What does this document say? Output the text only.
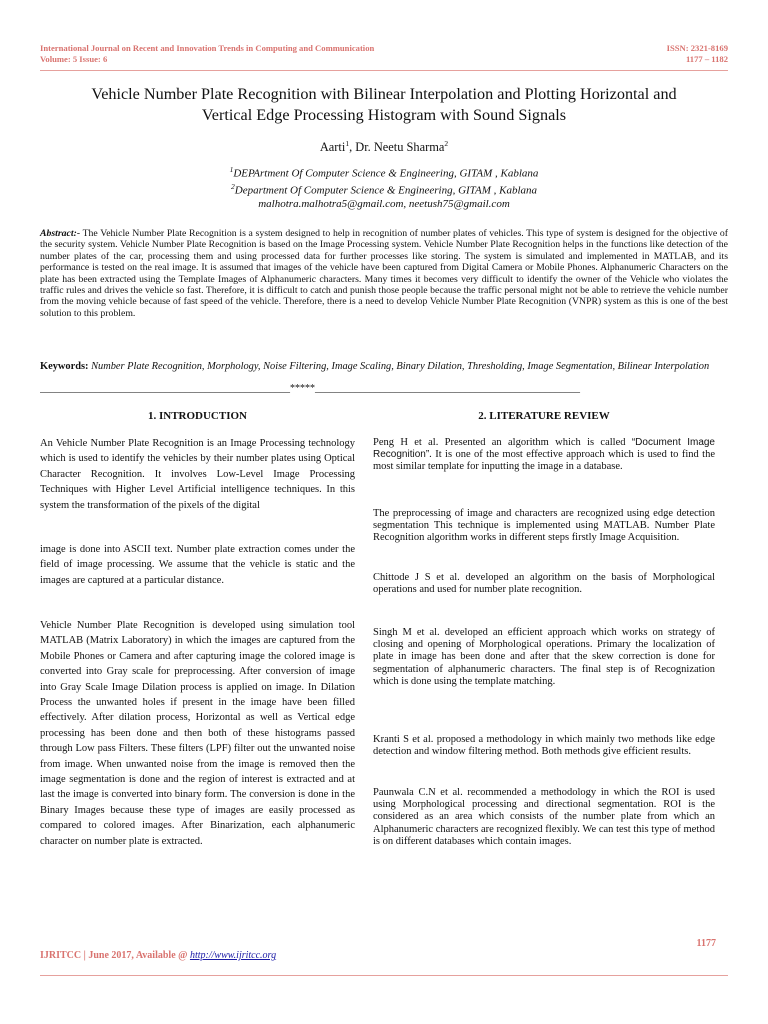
International Journal on Recent and Innovation Trends in Computing and Communication
Volume: 5 Issue: 6
ISSN: 2321-8169
1177 – 1182
Vehicle Number Plate Recognition with Bilinear Interpolation and Plotting Horizontal and
Vertical Edge Processing Histogram with Sound Signals
Aarti$^1$, Dr. Neetu Sharma$^2$
$^1$DEPArtment Of Computer Science & Engineering, GITAM , Kablana
$^2$Department Of Computer Science & Engineering, GITAM , Kablana
malhotra.malhotra5@gmail.com, neetush75@gmail.com
Abstract:- The Vehicle Number Plate Recognition is a system designed to help in recognition of number plates of vehicles. This type of system is designed for the objective of the security system. Vehicle Number Plate Recognition is based on the Image Processing system. Vehicle Number Plate Recognition helps in the functions like detection of the number plates of the car, processing them and using processed data for further processes like storing. The system is simulated and implemented in MATLAB, and its performance is tested on the real image. It is assumed that images of the vehicle have been captured from Digital Camera or Mobile Phones. Alphanumeric Characters on the plate has been extracted using the Template Images of Alphanumeric characters. Many times it becomes very difficult to identify the owner of the Vehicle who violates the traffic rules and drives the vehicle so fast. Therefore, it is difficult to catch and punish those people because the traffic personal might not be able to retrieve the vehicle number from the moving vehicle because of fast speed of the vehicle. Therefore, there is a need to develop Vehicle Number Plate Recognition (VNPR) system as this is one of the best solution to this problem.
Keywords: Number Plate Recognition, Morphology, Noise Filtering, Image Scaling, Binary Dilation, Thresholding, Image Segmentation, Bilinear Interpolation
__________________________________________________*****_____________________________________________________
1. INTRODUCTION

An Vehicle Number Plate Recognition is an Image Processing technology which is used to identify the vehicles by their number plates using Optical Character Recognition. It involves Low-Level Image Processing Techniques with Higher Level Artificial intelligence techniques. In this system the transformation of the pixels of the digital

image is done into ASCII text. Number plate extraction comes under the field of image processing. We assume that the vehicle is static and the images are captured at a particular distance.

Vehicle Number Plate Recognition is developed using simulation tool MATLAB (Matrix Laboratory) in which the images are captured from the Mobile Phones or Camera and after capturing image the colored image is converted into Gray scale for preprocessing. After conversion of image into Gray Scale Image Dilation process is applied on image. In Dilation Process the unwanted holes if present in the image have been filled effectively. After dilation process, Horizontal as well as Vertical edge processing has been done and then both of these histograms passed through Low pass Filters. These filters (LPF) filter out the unwanted noise from image. When unwanted noise from the image is removed then the image segmentation is done and the region of interest is extracted and at last the image is converted into binary form. The conversion is done in the Binary Images because these type of images are easily processed as compared to colored images. After Binarization, each alphanumeric character on number plate is extracted.

2. LITERATURE REVIEW
Peng H et al. Presented an algorithm which is called “Document Image Recognition”. It is one of the most effective approach which is used to find the most similar template for inputting the image in a database.

The preprocessing of image and characters are recognized using edge detection segmentation This technique is implemented using MATLAB. Number Plate Recognition algorithm works in different steps firstly Image Acquisition.

Chittode J S et al. developed an algorithm on the basis of Morphological operations and used for number plate recognition.

Singh M et al. developed an efficient approach which works on strategy of closing and opening of Morphological operations. Primary the localization of plate in image has been done and after that the skew correction is done for segmentation of alphanumeric characters. The final step is of Recognization which is done using the template matching.

Kranti S et al. proposed a methodology in which mainly two methods like edge detection and window filtering method. Both methods give efficient results.

Paunwala C.N et al. recommended a methodology in which the ROI is used using Morphological processing and directional segmentation. ROI is the considered as an area which consists of the number plate from which an Alphanumeric characters are recognized flexibly. We can test this type of method is on different databases which contain images.

1177
IJRITCC | June 2017, Available @ http://www.ijritcc.org
